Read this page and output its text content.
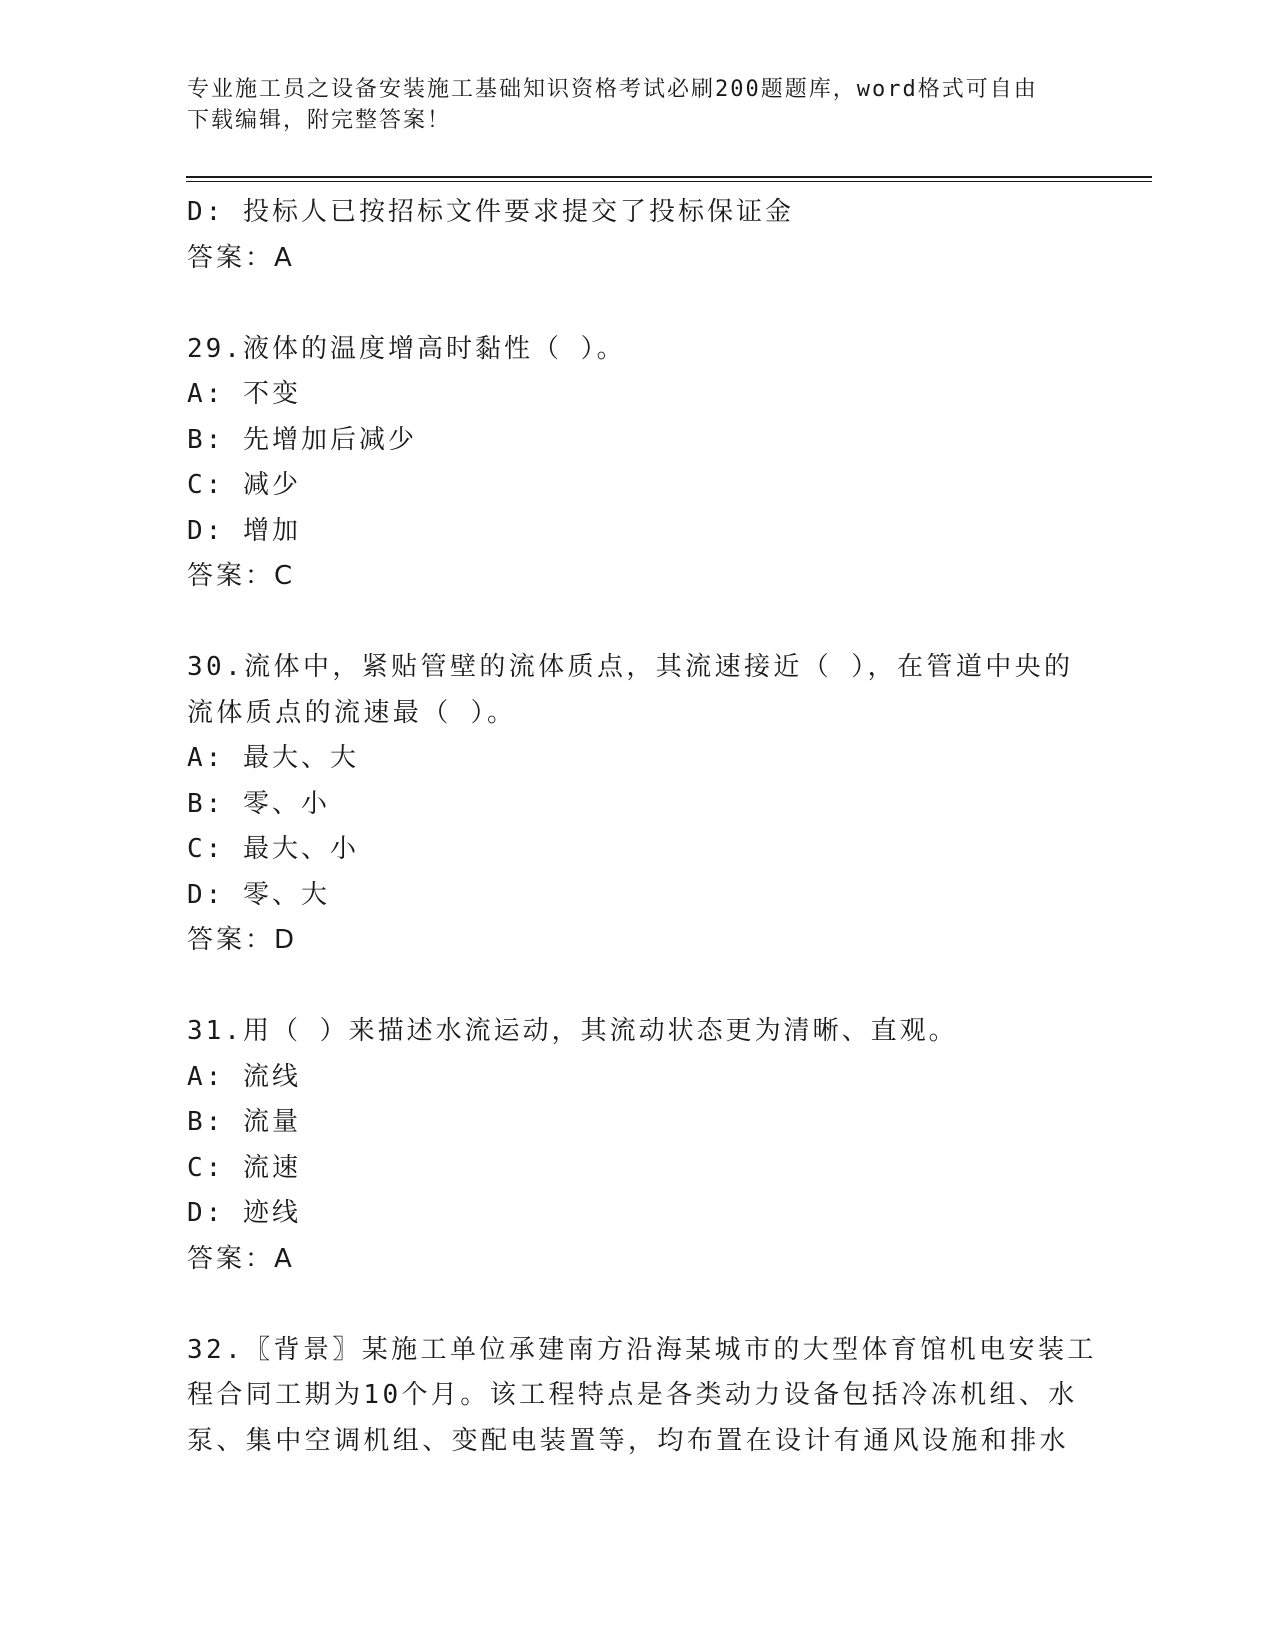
专业施工员之设备安装施工基础知识资格考试必刷200题题库，word格式可自由
下载编辑，附完整答案！
D: 投标人已按招标文件要求提交了投标保证金
答案：A
29.液体的温度增高时黏性（ ）。
A: 不变
B: 先增加后减少
C: 减少
D: 增加
答案：C
30.流体中，紧贴管壁的流体质点，其流速接近（ ），在管道中央的
流体质点的流速最（ ）。
A: 最大、大
B: 零、小
C: 最大、小
D: 零、大
答案：D
31.用（ ）来描述水流运动，其流动状态更为清晰、直观。
A: 流线
B: 流量
C: 流速
D: 迹线
答案：A
32.〖背景〗某施工单位承建南方沿海某城市的大型体育馆机电安装工
程合同工期为10个月。该工程特点是各类动力设备包括冷冻机组、水
泵、集中空调机组、变配电装置等，均布置在设计有通风设施和排水
